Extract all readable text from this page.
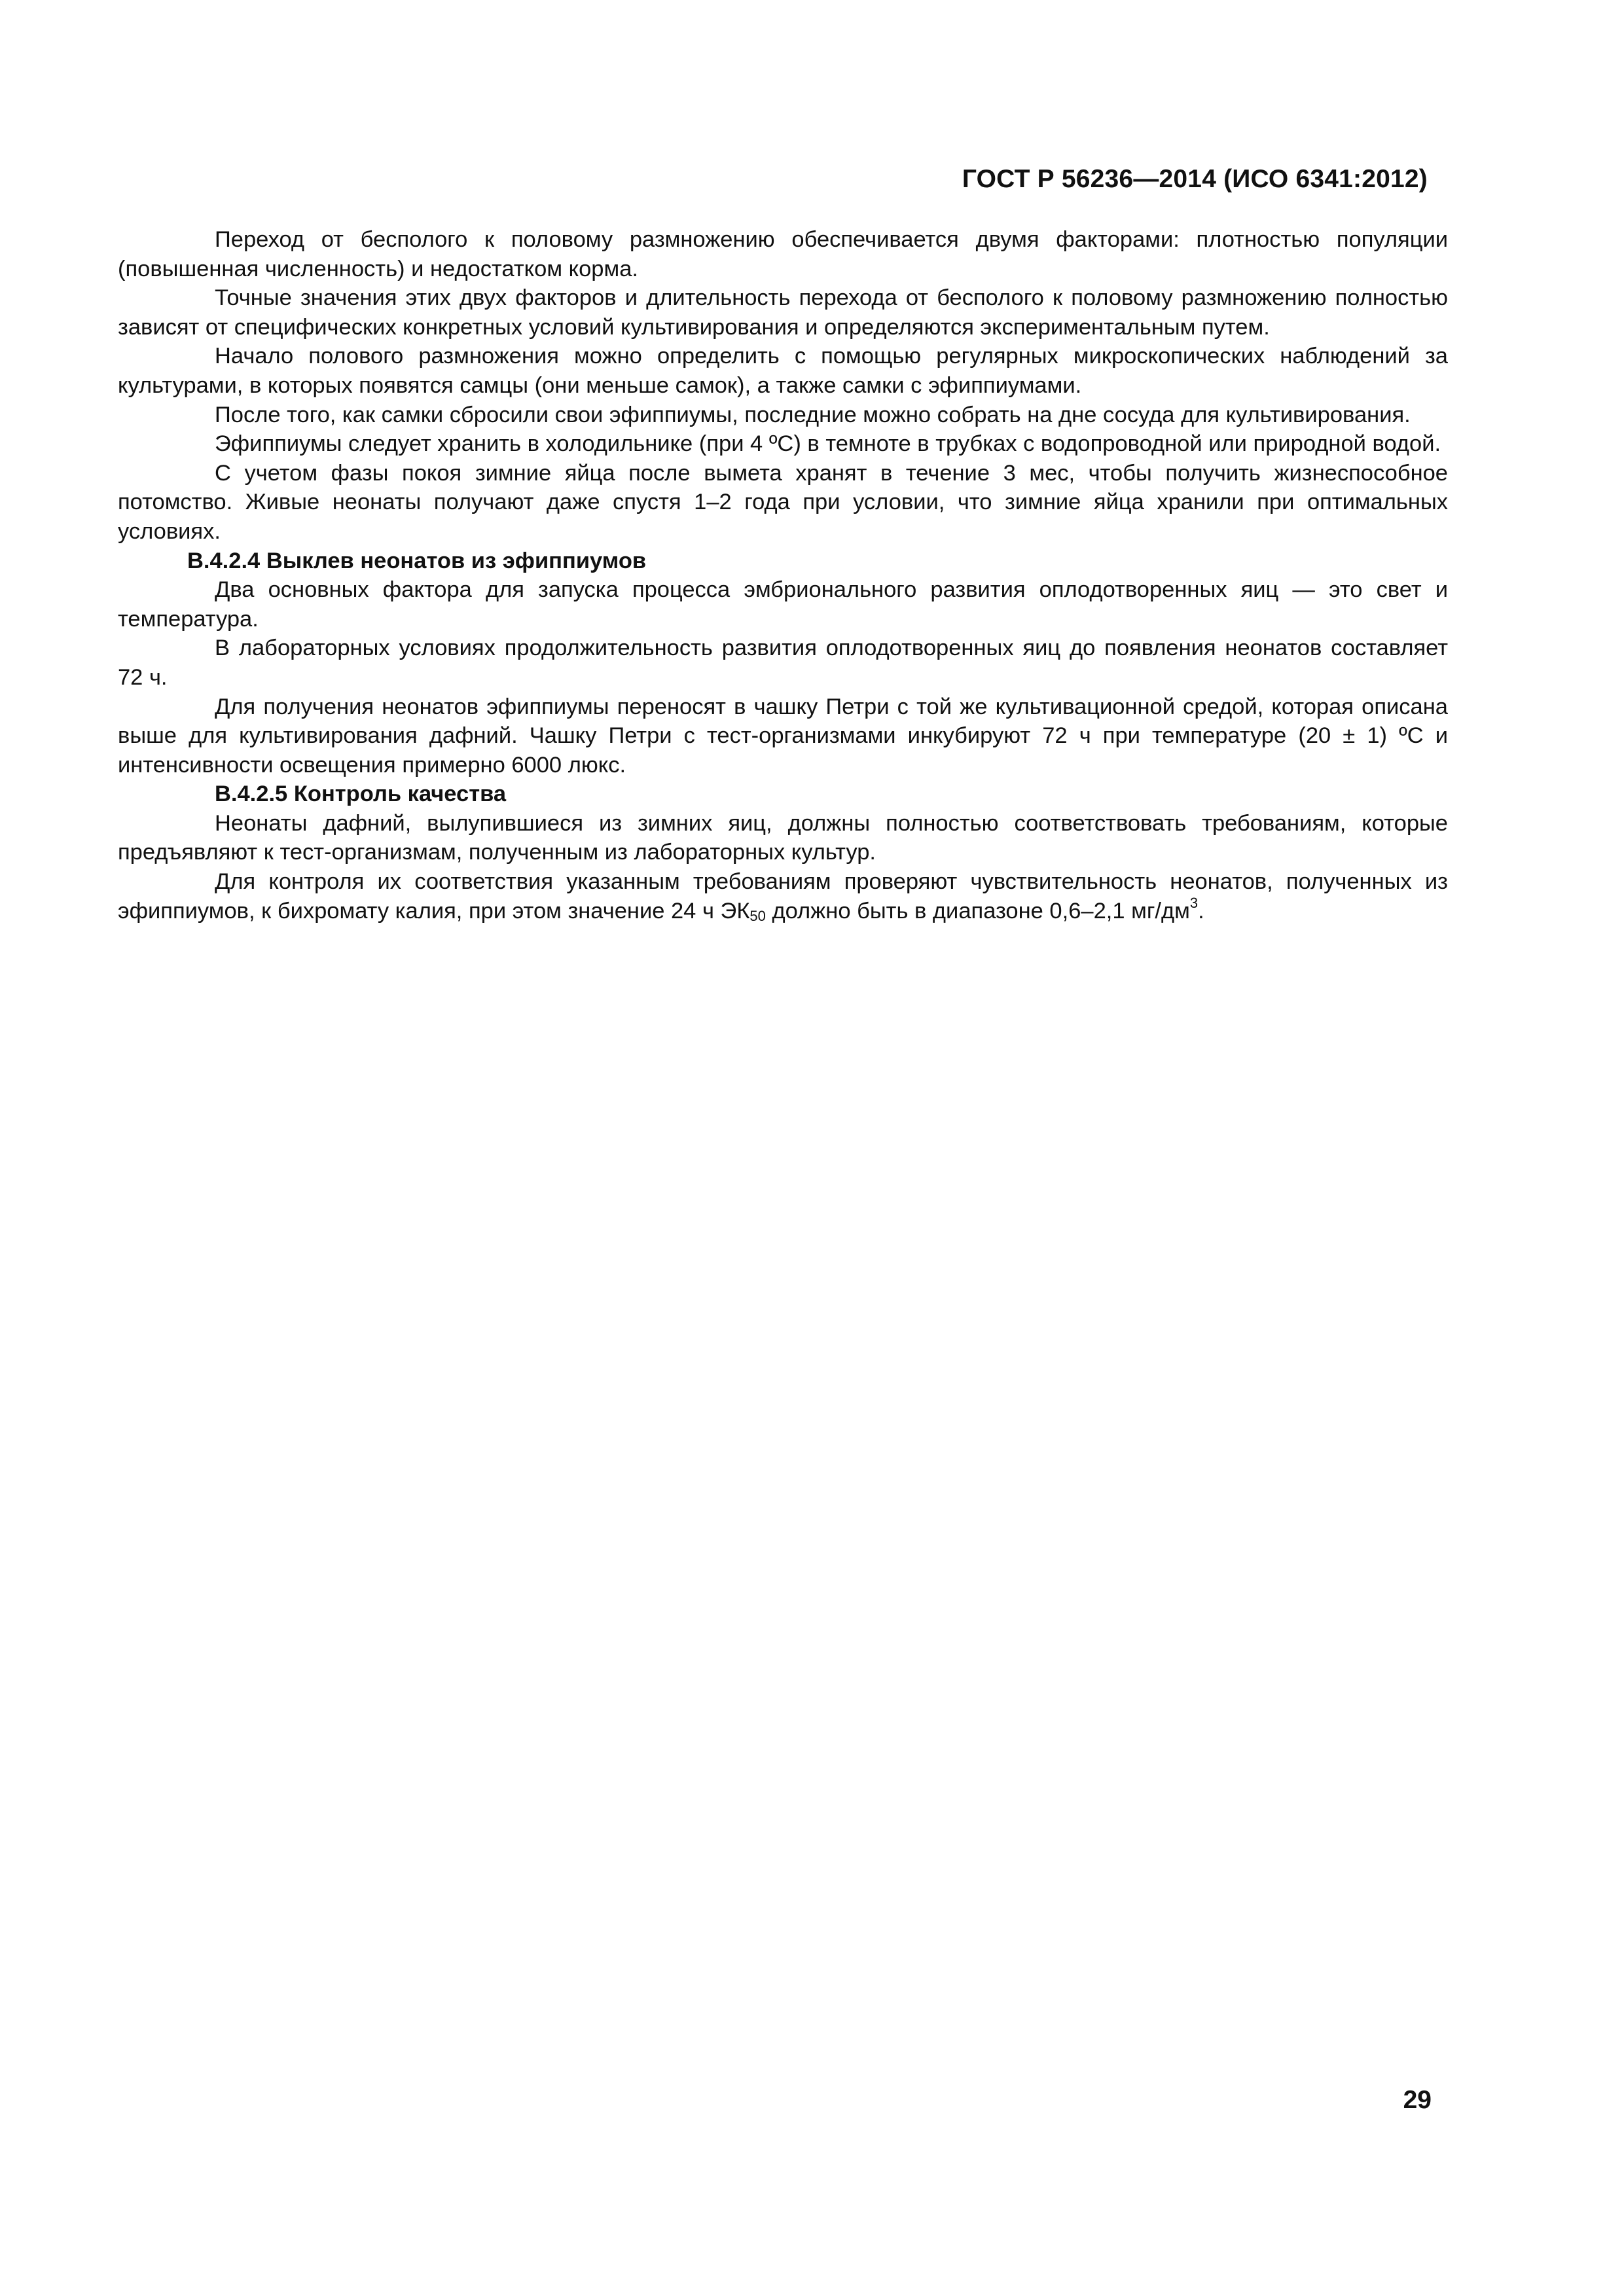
ГОСТ Р 56236—2014 (ИСО 6341:2012)

Переход от бесполого к половому размножению обеспечивается двумя факторами: плотностью популяции (повышенная численность) и недостатком корма.

Точные значения этих двух факторов и длительность перехода от бесполого к половому размножению полностью зависят от специфических конкретных условий культивирования и определяются экспериментальным путем.

Начало полового размножения можно определить с помощью регулярных микроскопических наблюдений за культурами, в которых появятся самцы (они меньше самок), а также самки с эфиппиумами.

После того, как самки сбросили свои эфиппиумы, последние можно собрать на дне сосуда для культивирования.

Эфиппиумы следует хранить в холодильнике (при 4 ºС) в темноте в трубках с водопроводной или природной водой.

С учетом фазы покоя зимние яйца после вымета хранят в течение 3 мес, чтобы получить жизнеспособное потомство. Живые неонаты получают даже спустя 1–2 года при условии, что зимние яйца хранили при оптимальных условиях.

В.4.2.4 Выклев неонатов из эфиппиумов

Два основных фактора для запуска процесса эмбрионального развития оплодотворенных яиц — это свет и температура.

В лабораторных условиях продолжительность развития оплодотворенных яиц до появления неонатов составляет 72 ч.

Для получения неонатов эфиппиумы переносят в чашку Петри с той же культивационной средой, которая описана выше для культивирования дафний. Чашку Петри с тест-организмами инкубируют 72 ч при температуре (20 ± 1) ºС и интенсивности освещения примерно 6000 люкс.

В.4.2.5 Контроль качества

Неонаты дафний, вылупившиеся из зимних яиц, должны полностью соответствовать требованиям, которые предъявляют к тест-организмам, полученным из лабораторных культур.

Для контроля их соответствия указанным требованиям проверяют чувствительность неонатов, полученных из эфиппиумов, к бихромату калия, при этом значение 24 ч ЭК50 должно быть в диапазоне 0,6–2,1 $мг/дм^3$.

29
